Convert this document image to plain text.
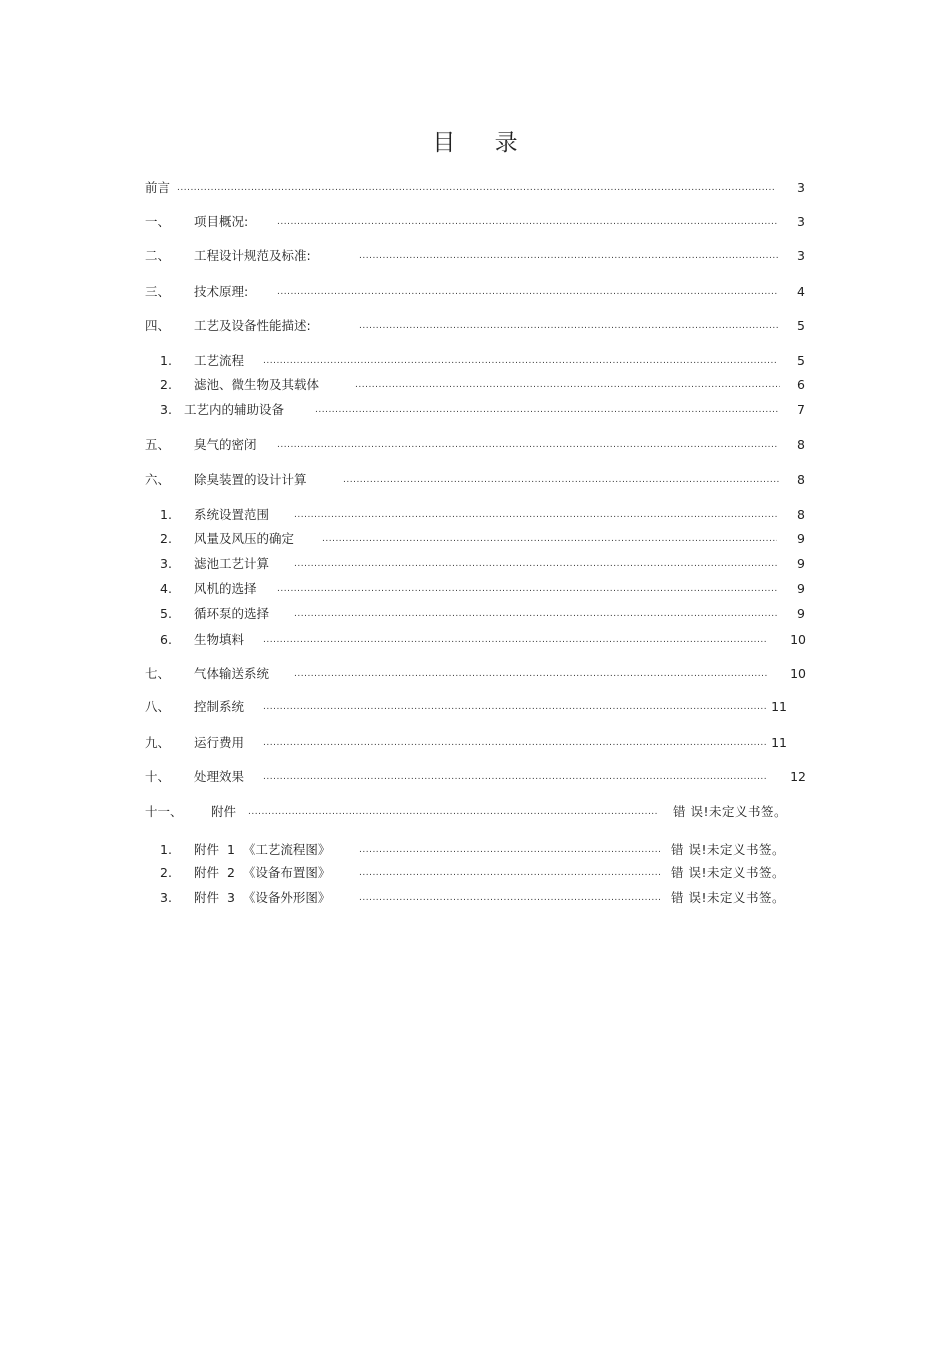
目 录
前言 .....	3
一、 项目概况: .....	3
二、 工程设计规范及标准: .....	3
三、 技术原理: .....	4
四、 工艺及设备性能描述: .....	5
1. 工艺流程 .....	5
2. 滤池、微生物及其载体 .....	6
3. 工艺内的辅助设备 .....	7
五、 臭气的密闭 .....	8
六、 除臭装置的设计计算 .....	8
1. 系统设置范围 .....	8
2. 风量及风压的确定 .....	9
3. 滤池工艺计算 .....	9
4. 风机的选择 .....	9
5. 循环泵的选择 .....	9
6. 生物填料 .....	10
七、 气体输送系统 .....	10
八、 控制系统 .....	11
九、 运行费用 .....	11
十、 处理效果 .....	12
十一、 附件 .....	错 误!未定义书签。
1. 附件 1 《工艺流程图》 .....	错 误!未定义书签。
2. 附件 2 《设备布置图》 .....	错 误!未定义书签。
3. 附件 3 《设备外形图》 .....	错 误!未定义书签。
